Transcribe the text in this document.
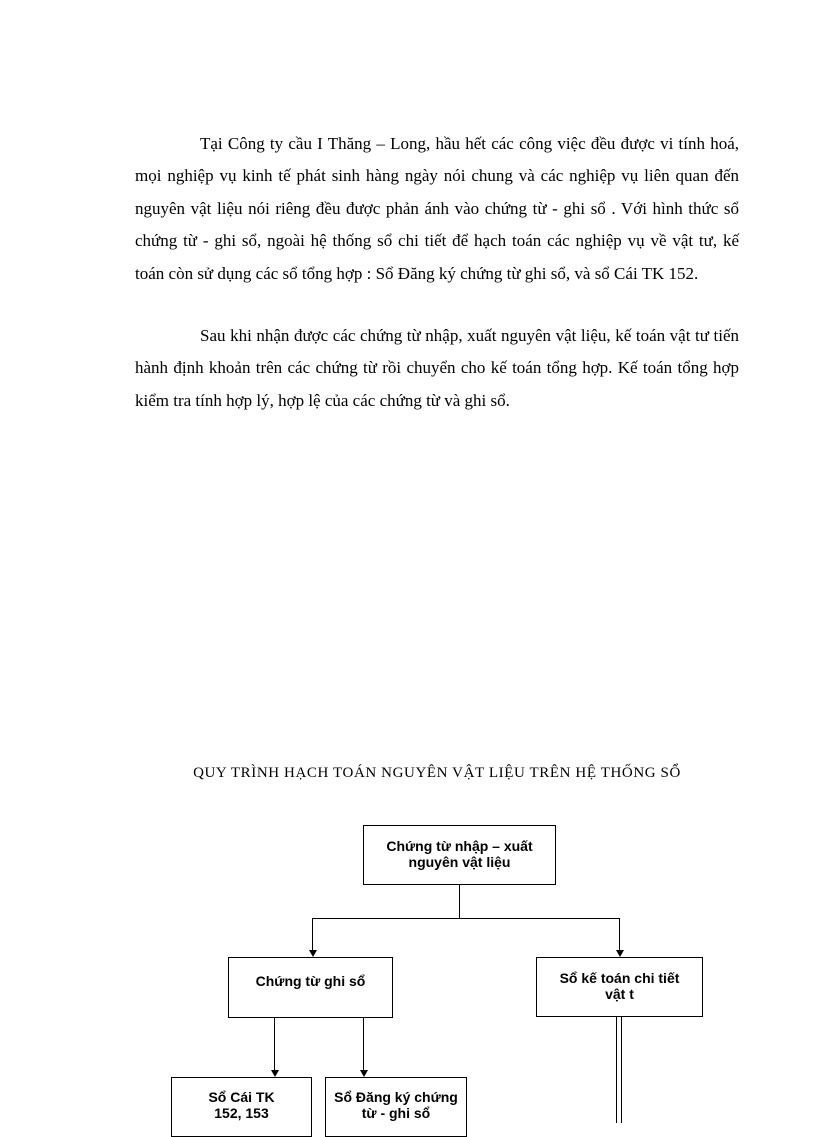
Tại Công ty cầu I Thăng – Long, hầu hết các công việc đều được vi tính hoá, mọi nghiệp vụ kinh tế phát sinh hàng ngày nói chung và các nghiệp vụ liên quan đến nguyên vật liệu nói riêng đều được phản ánh vào chứng từ - ghi sổ . Với hình thức sổ chứng từ - ghi sổ, ngoài hệ thống sổ chi tiết để hạch toán các nghiệp vụ về vật tư, kế toán còn sử dụng các sổ tổng hợp : Sổ Đăng ký chứng từ ghi sổ, và sổ Cái TK 152.

Sau khi nhận được các chứng từ nhập, xuất nguyên vật liệu, kế toán vật tư tiến hành định khoản trên các chứng từ rồi chuyển cho kế toán tổng hợp. Kế toán tổng hợp kiểm tra tính hợp lý, hợp lệ của các chứng từ và ghi sổ.

QUY TRÌNH HẠCH TOÁN NGUYÊN VẬT LIỆU TRÊN HỆ THỐNG SỔ
Chứng từ nhập – xuất nguyên vật liệu
Chứng từ ghi sổ	Sổ kế toán chi tiết vật t
Sổ Cái TK 152, 153
Sổ Đăng ký chứng từ - ghi sổ
